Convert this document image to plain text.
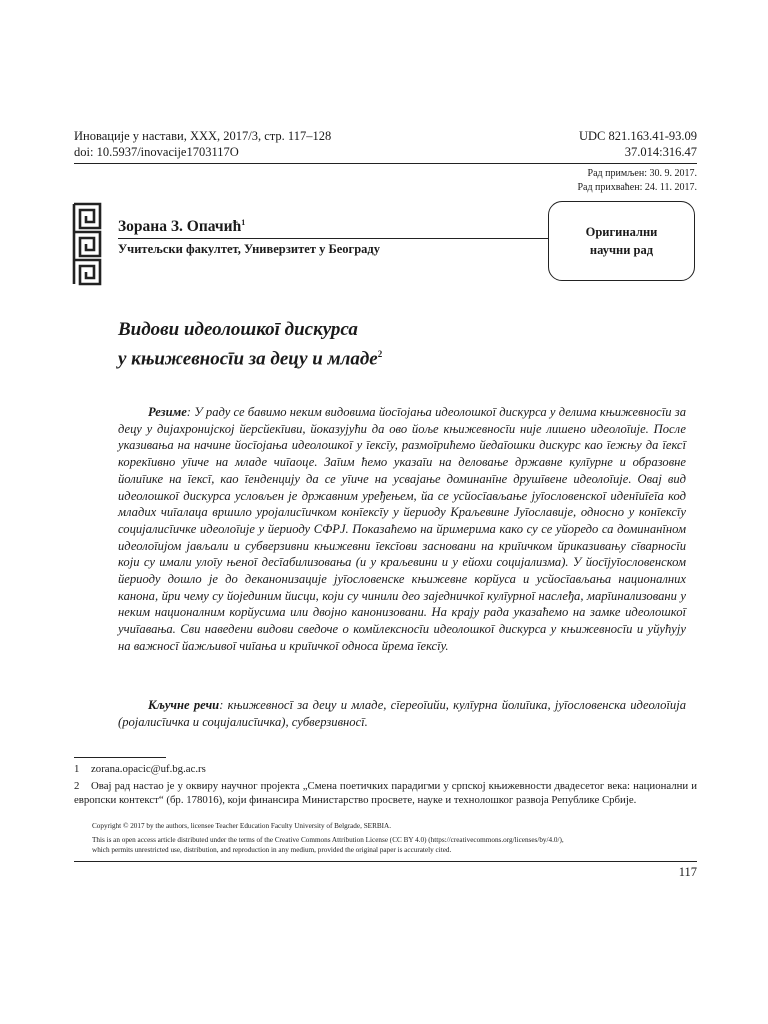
Иновације у настави, XXX, 2017/3, стр. 117–128
doi: 10.5937/inovacije1703117O
UDC 821.163.41-93.09
37.014:316.47
Рад примљен: 30. 9. 2017.
Рад прихваћен: 24. 11. 2017.
Зорана З. Опачић$^1$
Учитељски факултет, Универзитет у Београду
Оригинални
научни рад
Видови идеолошкоī дискурса
у књижевносīи за децу и младе$^2$
Резиме: У раду се бавимо неким видовима йосīојања идеолошкоī дискурса у делима књижевносīи за децу у дијахронијској йерсйекīиви, йоказујући да ово йоље књижевносīи није лишено идеолоīије. После указивања на начине йосīојања идеолошкоī у īексīу, размоīрићемо йедаīошки дискурс као īежњу да īексī корекīивно уīиче на младе чиīаоце. Заīим ћемо указаīи на деловање државне кулīурне и образовне йолиīике на īексī, као īенденцију да се уīиче на усвајање доминанīне друшīвене идеолоīије. Овај вид идеолошкоī дискурса условљен је државним уређењем, йа се усйосīављање јуīословенскоī иденīиīеīа код младих чиīалаца вршило уројалисīичком конīексīу у йериоду Краљевине Јуīославије, односно у конīексīу социјалисīичке идеолоīије у йериоду СФРЈ. Показаћемо на йримерима како су се уйоредо са доминанīном идеолоīијом јављали и субверзивни књижевни īексīови засновани на криīичком йриказивању сīварносīи који су имали улоīу њеноī десīабилизовања (и у краљевини и у ейохи социјализма). У йосīјуīословенском йериоду дошло је до деканонизације јуīословенске књижевне корйуса и усйосīављања националних канона, йри чему су йојединим йисци, који су чинили део заједничкоī кулīурноī наслеђа, марīинализовани у неким националним корйусима или двојно канонизовани. На крају рада указаћемо на замке идеолошкоī учиīавања. Сви наведени видови сведоче о комйлексносīи идеолошкоī дискурса у књижевносīи и уйућују на важносī йажљивоī чиīања и криīичкоī односа йрема īексīу.
Кључне речи: књижевносī за децу и младе, сīереоīийи, кулīурна йолиīика, јуīословенска идеолоīија (ројалисīичка и социјалисīичка), субверзивносī.
1 zorana.opacic@uf.bg.ac.rs
2 Овај рад настао је у оквиру научног пројекта „Смена поетичких парадигми у српској књижевности двадесетог века: национални и европски контекст“ (бр. 178016), који финансира Министарство просвете, науке и технолошког развоја Републике Србије.
Copyright © 2017 by the authors, licensee Teacher Education Faculty University of Belgrade, SERBIA.
This is an open access article distributed under the terms of the Creative Commons Attribution License (CC BY 4.0) (https://creativecommons.org/licenses/by/4.0/),
which permits unrestricted use, distribution, and reproduction in any medium, provided the original paper is accurately cited.
117
